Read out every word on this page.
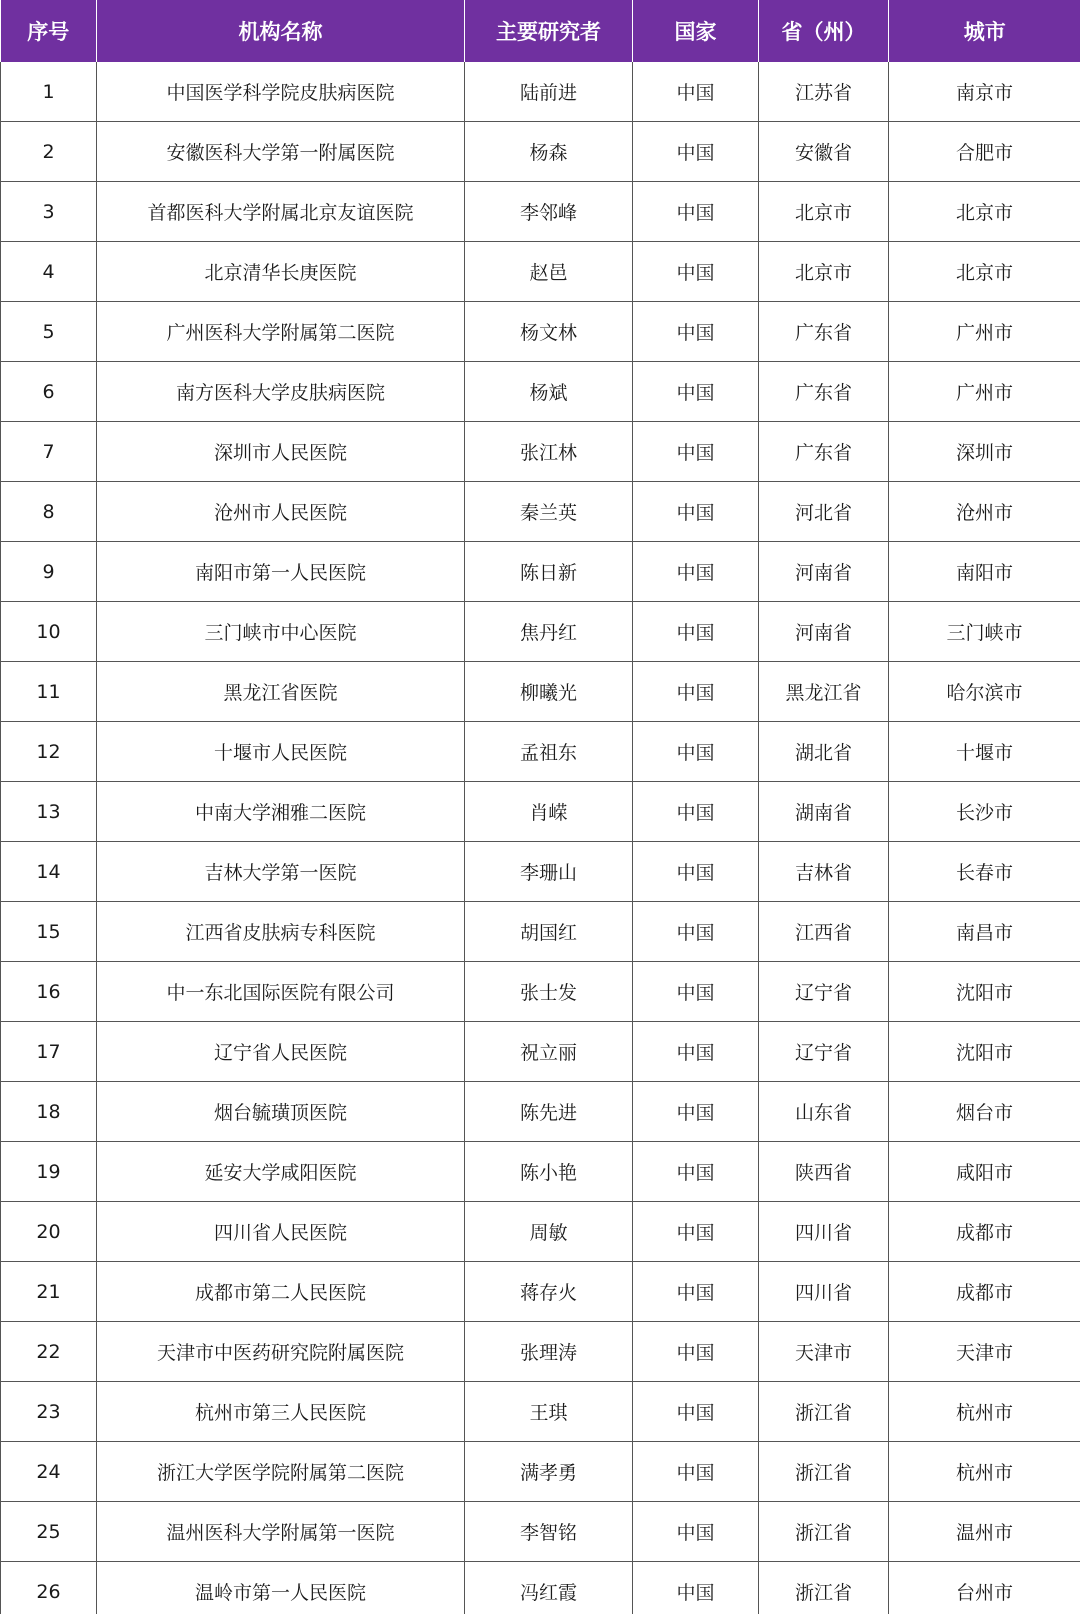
序号	机构名称	主要研究者	国家	省（州）	城市
1	中国医学科学院皮肤病医院	陆前进	中国	江苏省	南京市
2	安徽医科大学第一附属医院	杨森	中国	安徽省	合肥市
3	首都医科大学附属北京友谊医院	李邻峰	中国	北京市	北京市
4	北京清华长庚医院	赵邑	中国	北京市	北京市
5	广州医科大学附属第二医院	杨文林	中国	广东省	广州市
6	南方医科大学皮肤病医院	杨斌	中国	广东省	广州市
7	深圳市人民医院	张江林	中国	广东省	深圳市
8	沧州市人民医院	秦兰英	中国	河北省	沧州市
9	南阳市第一人民医院	陈日新	中国	河南省	南阳市
10	三门峡市中心医院	焦丹红	中国	河南省	三门峡市
11	黑龙江省医院	柳曦光	中国	黑龙江省	哈尔滨市
12	十堰市人民医院	孟祖东	中国	湖北省	十堰市
13	中南大学湘雅二医院	肖嵘	中国	湖南省	长沙市
14	吉林大学第一医院	李珊山	中国	吉林省	长春市
15	江西省皮肤病专科医院	胡国红	中国	江西省	南昌市
16	中一东北国际医院有限公司	张士发	中国	辽宁省	沈阳市
17	辽宁省人民医院	祝立丽	中国	辽宁省	沈阳市
18	烟台毓璜顶医院	陈先进	中国	山东省	烟台市
19	延安大学咸阳医院	陈小艳	中国	陕西省	咸阳市
20	四川省人民医院	周敏	中国	四川省	成都市
21	成都市第二人民医院	蒋存火	中国	四川省	成都市
22	天津市中医药研究院附属医院	张理涛	中国	天津市	天津市
23	杭州市第三人民医院	王琪	中国	浙江省	杭州市
24	浙江大学医学院附属第二医院	满孝勇	中国	浙江省	杭州市
25	温州医科大学附属第一医院	李智铭	中国	浙江省	温州市
26	温岭市第一人民医院	冯红霞	中国	浙江省	台州市
